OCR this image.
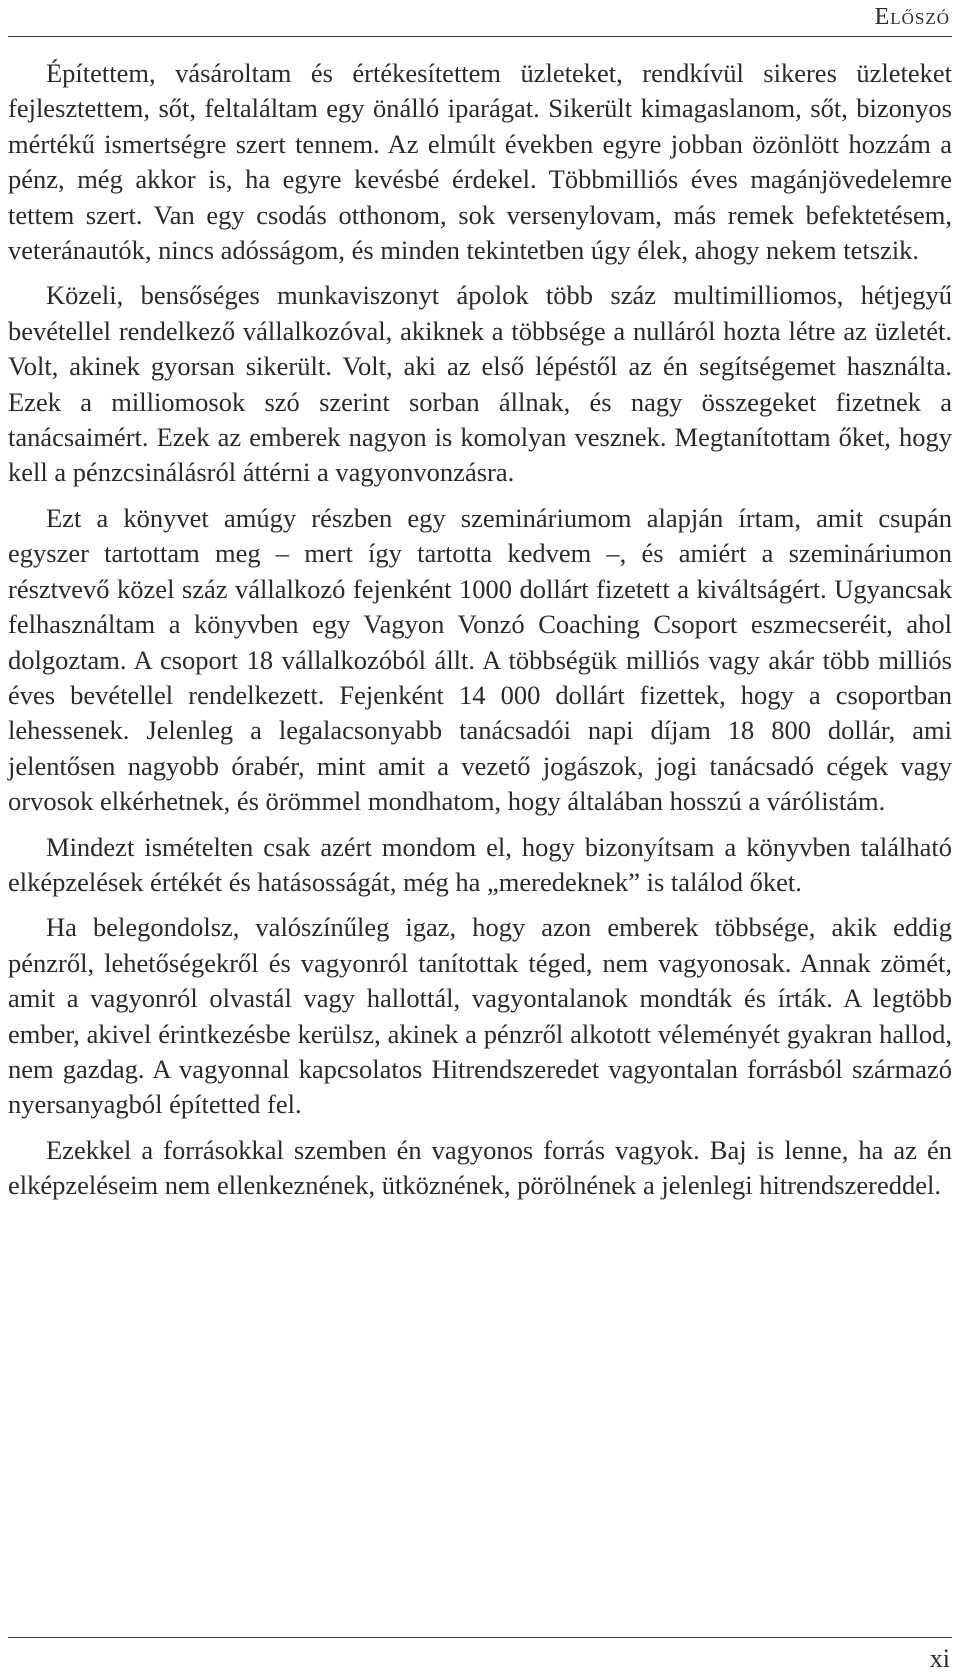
Előszó

Építettem, vásároltam és értékesítettem üzleteket, rendkívül sikeres üzleteket fejlesztettem, sőt, feltaláltam egy önálló iparágat. Sikerült kimagaslanom, sőt, bizonyos mértékű ismertségre szert tennem. Az elmúlt években egyre jobban özönlött hozzám a pénz, még akkor is, ha egyre kevésbé érdekel. Többmilliós éves magánjövedelemre tettem szert. Van egy csodás otthonom, sok versenylovam, más remek befektetésem, veteránautók, nincs adósságom, és minden tekintetben úgy élek, ahogy nekem tetszik.

Közeli, bensőséges munkaviszonyt ápolok több száz multimilliomos, hétjegyű bevétellel rendelkező vállalkozóval, akiknek a többsége a nulláról hozta létre az üzletét. Volt, akinek gyorsan sikerült. Volt, aki az első lépéstől az én segítségemet használta. Ezek a milliomosok szó szerint sorban állnak, és nagy összegeket fizetnek a tanácsaimért. Ezek az emberek nagyon is komolyan vesznek. Megtanítottam őket, hogy kell a pénzcsinálásról áttérni a vagyonvonzásra.

Ezt a könyvet amúgy részben egy szemináriumom alapján írtam, amit csupán egyszer tartottam meg – mert így tartotta kedvem –, és amiért a szemináriumon résztvevő közel száz vállalkozó fejenként 1000 dollárt fizetett a kiváltságért. Ugyancsak felhasználtam a könyvben egy Vagyon Vonzó Coaching Csoport eszmecseréit, ahol dolgoztam. A csoport 18 vállalkozóból állt. A többségük milliós vagy akár több milliós éves bevétellel rendelkezett. Fejenként 14 000 dollárt fizettek, hogy a csoportban lehessenek. Jelenleg a legalacsonyabb tanácsadói napi díjam 18 800 dollár, ami jelentősen nagyobb órabér, mint amit a vezető jogászok, jogi tanácsadó cégek vagy orvosok elkérhetnek, és örömmel mondhatom, hogy általában hosszú a várólistám.

Mindezt ismételten csak azért mondom el, hogy bizonyítsam a könyvben található elképzelések értékét és hatásosságát, még ha „meredeknek” is találod őket.

Ha belegondolsz, valószínűleg igaz, hogy azon emberek többsége, akik eddig pénzről, lehetőségekről és vagyonról tanítottak téged, nem vagyonosak. Annak zömét, amit a vagyonról olvastál vagy hallottál, vagyontalanok mondták és írták. A legtöbb ember, akivel érintkezésbe kerülsz, akinek a pénzről alkotott véleményét gyakran hallod, nem gazdag. A vagyonnal kapcsolatos Hitrendszeredet vagyontalan forrásból származó nyersanyagból építetted fel.

Ezekkel a forrásokkal szemben én vagyonos forrás vagyok. Baj is lenne, ha az én elképzeléseim nem ellenkeznének, ütköznének, pörölnének a jelenlegi hitrendszereddel.

xi
